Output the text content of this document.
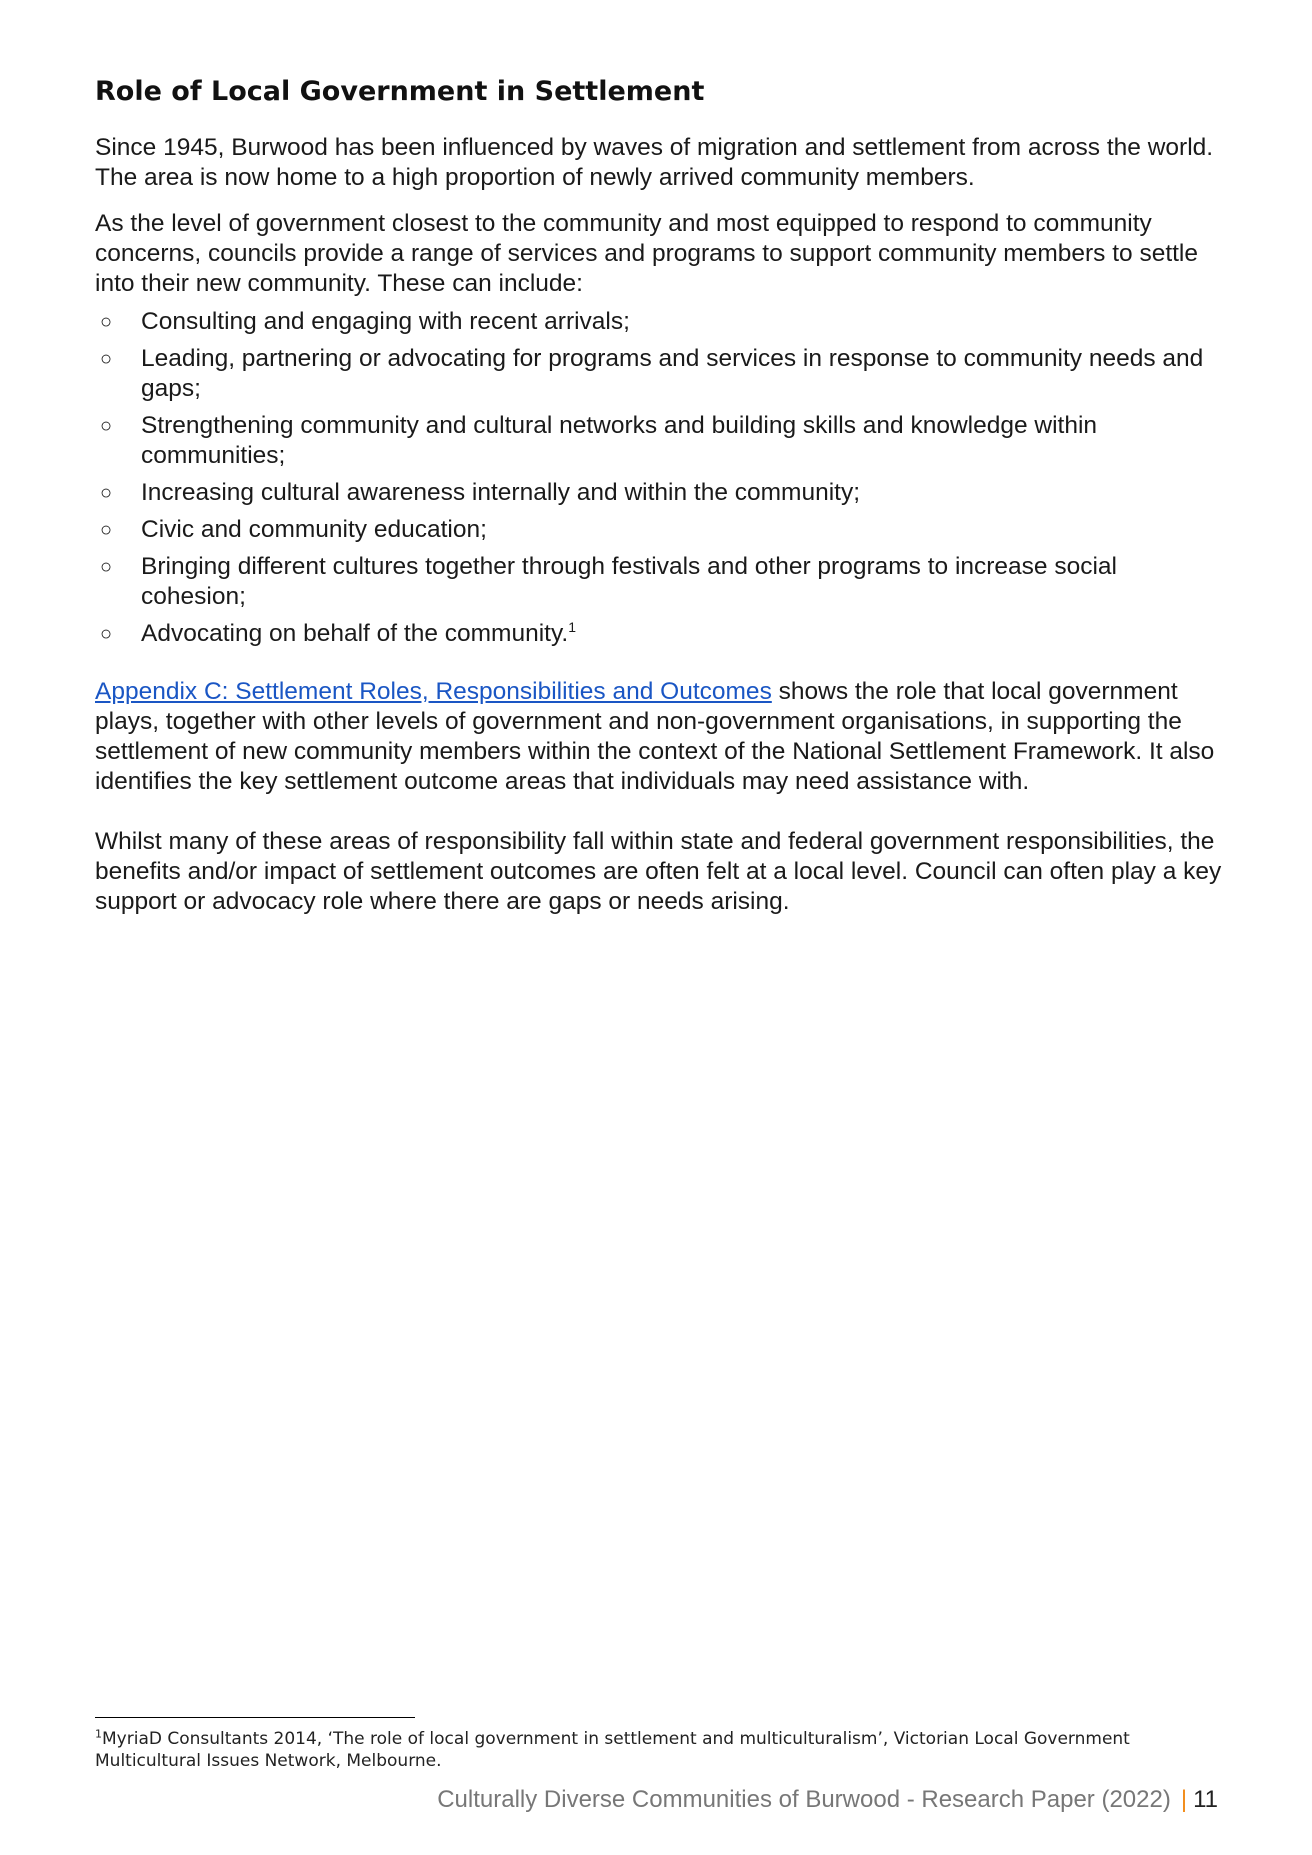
Role of Local Government in Settlement

Since 1945, Burwood has been influenced by waves of migration and settlement from across the world. The area is now home to a high proportion of newly arrived community members.

As the level of government closest to the community and most equipped to respond to community concerns, councils provide a range of services and programs to support community members to settle into their new community. These can include:

○ Consulting and engaging with recent arrivals;
○ Leading, partnering or advocating for programs and services in response to community needs and gaps;
○ Strengthening community and cultural networks and building skills and knowledge within communities;
○ Increasing cultural awareness internally and within the community;
○ Civic and community education;
○ Bringing different cultures together through festivals and other programs to increase social cohesion;
○ Advocating on behalf of the community.$^1$

Appendix C: Settlement Roles, Responsibilities and Outcomes shows the role that local government plays, together with other levels of government and non-government organisations, in supporting the settlement of new community members within the context of the National Settlement Framework. It also identifies the key settlement outcome areas that individuals may need assistance with.

Whilst many of these areas of responsibility fall within state and federal government responsibilities, the benefits and/or impact of settlement outcomes are often felt at a local level. Council can often play a key support or advocacy role where there are gaps or needs arising.

$^1$MyriaD Consultants 2014, ‘The role of local government in settlement and multiculturalism’, Victorian Local Government Multicultural Issues Network, Melbourne.
Culturally Diverse Communities of Burwood - Research Paper (2022) | 11
